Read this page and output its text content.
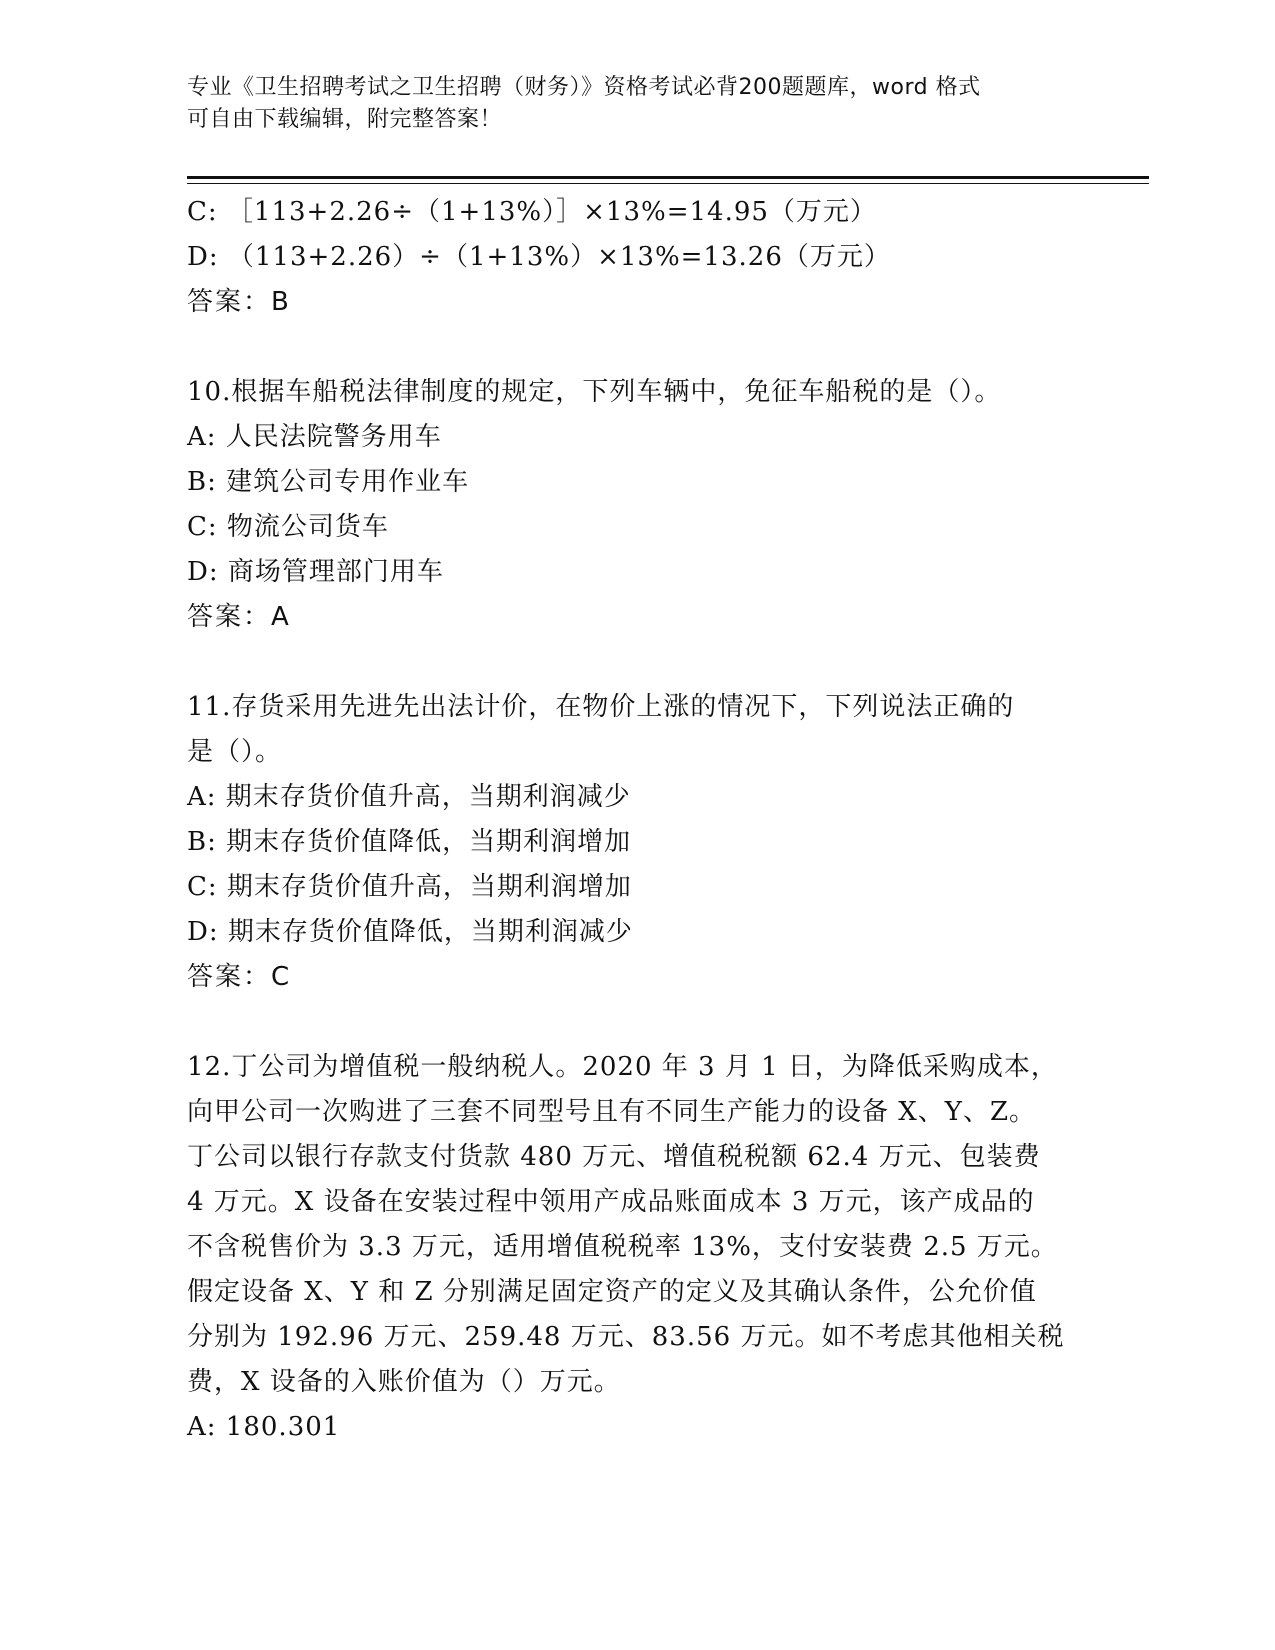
专业《卫生招聘考试之卫生招聘（财务）》资格考试必背200题题库，word 格式
可自由下载编辑，附完整答案！
C: ［113+2.26÷（1+13%）］×13%=14.95（万元）
D: （113+2.26）÷（1+13%）×13%=13.26（万元）
答案：B
10.根据车船税法律制度的规定，下列车辆中，免征车船税的是（）。
A: 人民法院警务用车
B: 建筑公司专用作业车
C: 物流公司货车
D: 商场管理部门用车
答案：A
11.存货采用先进先出法计价，在物价上涨的情况下，下列说法正确的
是（）。
A: 期末存货价值升高，当期利润减少
B: 期末存货价值降低，当期利润增加
C: 期末存货价值升高，当期利润增加
D: 期末存货价值降低，当期利润减少
答案：C
12.丁公司为增值税一般纳税人。2020 年 3 月 1 日，为降低采购成本，
向甲公司一次购进了三套不同型号且有不同生产能力的设备 X、Y、Z。
丁公司以银行存款支付货款 480 万元、增值税税额 62.4 万元、包装费
4 万元。X 设备在安装过程中领用产成品账面成本 3 万元，该产成品的
不含税售价为 3.3 万元，适用增值税税率 13%，支付安装费 2.5 万元。
假定设备 X、Y 和 Z 分别满足固定资产的定义及其确认条件，公允价值
分别为 192.96 万元、259.48 万元、83.56 万元。如不考虑其他相关税
费，X 设备的入账价值为（）万元。
A: 180.301
